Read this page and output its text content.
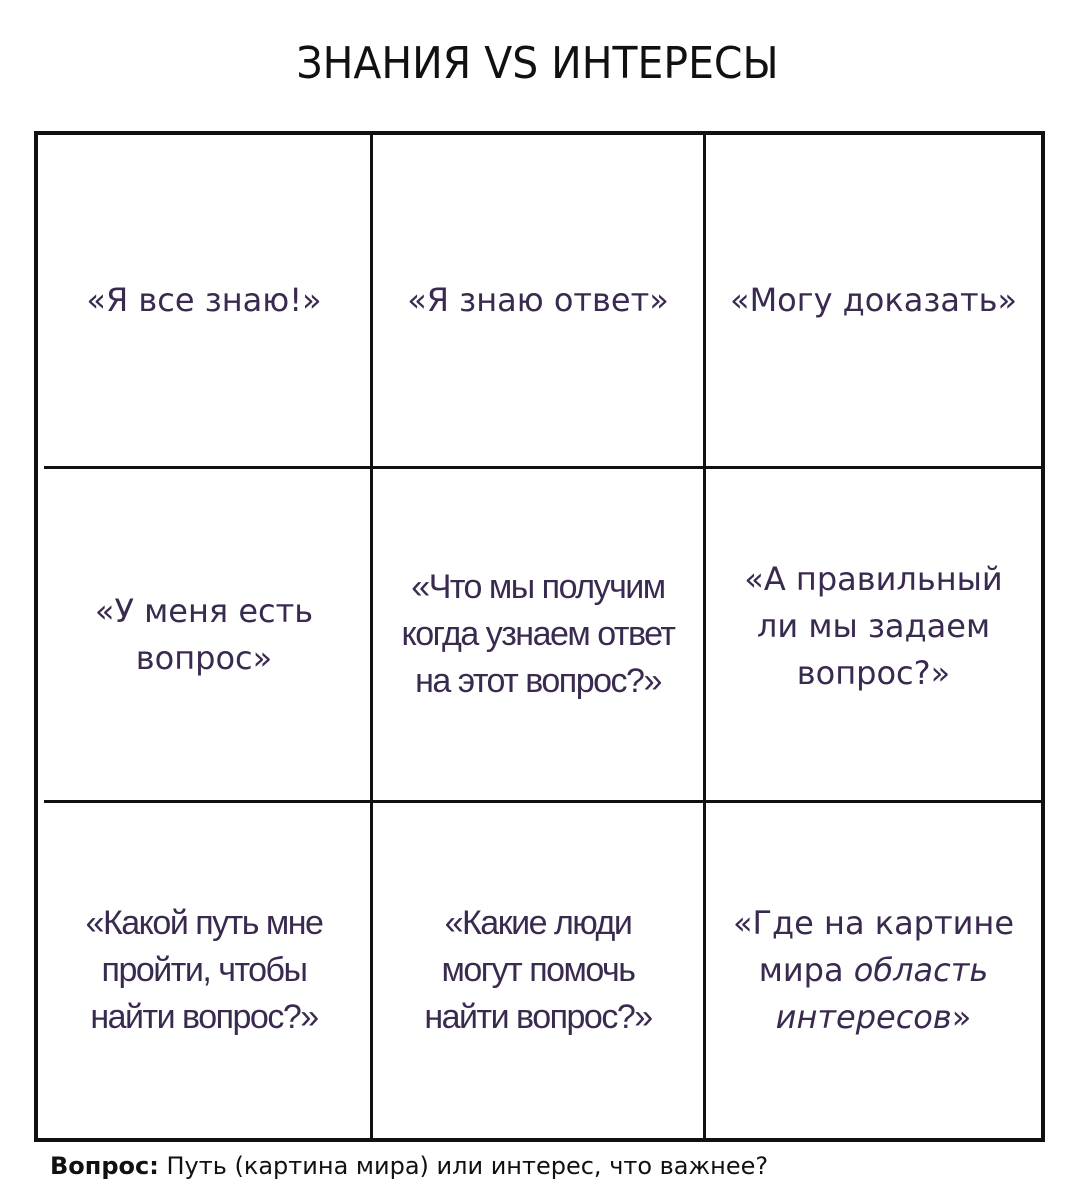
ЗНАНИЯ VS ИНТЕРЕСЫ
«Я все знаю!»	«Я знаю ответ» «Могу доказать»
«У меня есть
вопрос»
«Что мы получим
когда узнаем ответ
на этот вопрос?»
«А правильный
ли мы задаем
вопрос?»
«Какой путь мне
пройти, чтобы
найти вопрос?»
«Какие люди
могут помочь
найти вопрос?»
«Где на картине
мира область
интересов»
Вопрос: Путь (картина мира) или интерес, что важнее?
